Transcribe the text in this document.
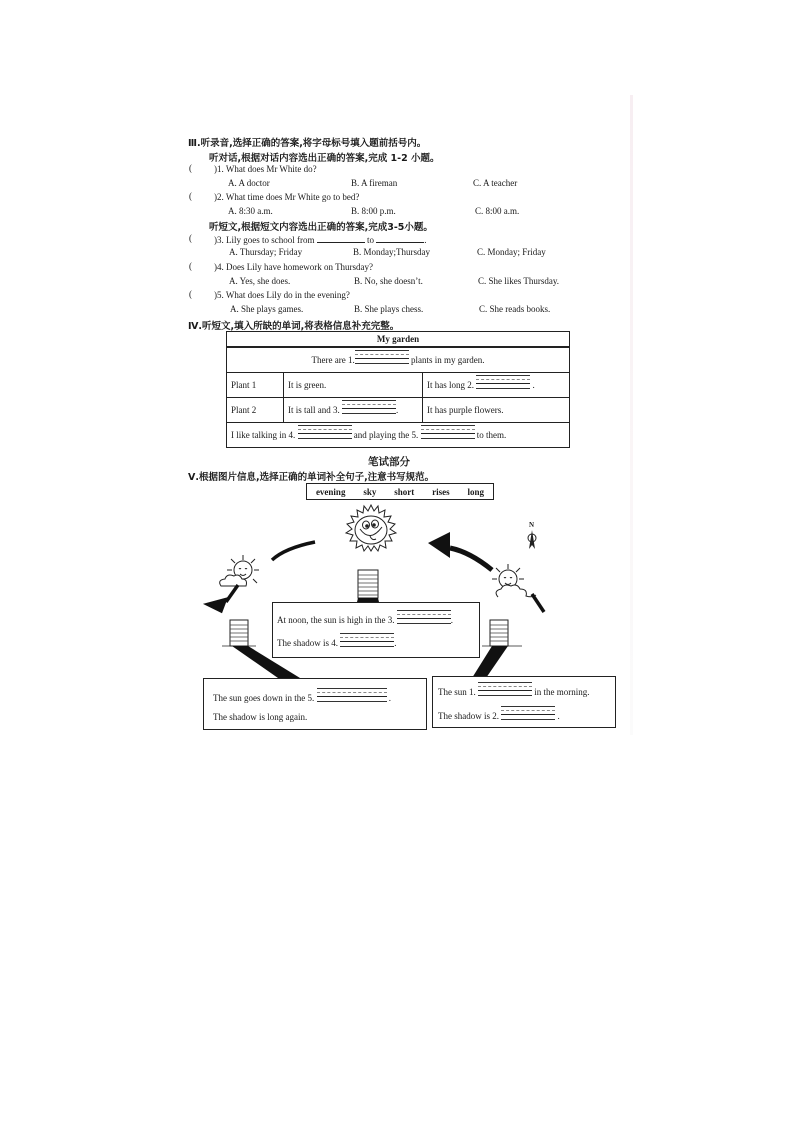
Ⅲ.听录音,选择正确的答案,将字母标号填入题前括号内。
听对话,根据对话内容选出正确的答案,完成 1-2 小题。
( )1. What does Mr White do?
A. A doctor	B. A fireman	C. A teacher
( )2. What time does Mr White go to bed?
A. 8:30 a.m.	B. 8:00 p.m.	C. 8:00 a.m.
听短文,根据短文内容选出正确的答案,完成3-5小题。
( )3. Lily goes to school from	to	.
A. Thursday; Friday	B. Monday;Thursday	C. Monday; Friday
( )4. Does Lily have homework on Thursday?
A. Yes, she does.	B. No, she doesn’t.	C. She likes Thursday.
( )5. What does Lily do in the evening?
A. She plays games.	B. She plays chess.	C. She reads books.
Ⅳ.听短文,填入所缺的单词,将表格信息补充完整。
My garden		
There are 1. plants in my garden.		
Plant 1	It is green.	It has long 2. .
Plant 2	It is tall and 3. .	It has purple flowers.
I like talking in 4. and playing the 5. to them.		
笔试部分
Ⅴ.根据图片信息,选择正确的单词补全句子,注意书写规范。
evening sky short rises long
N
At noon, the sun is high in the 3.	.
The shadow is 4.	.
The sun goes down in the 5.	.
The shadow is long again.
The sun 1.	in the morning.
The shadow is 2.	.
